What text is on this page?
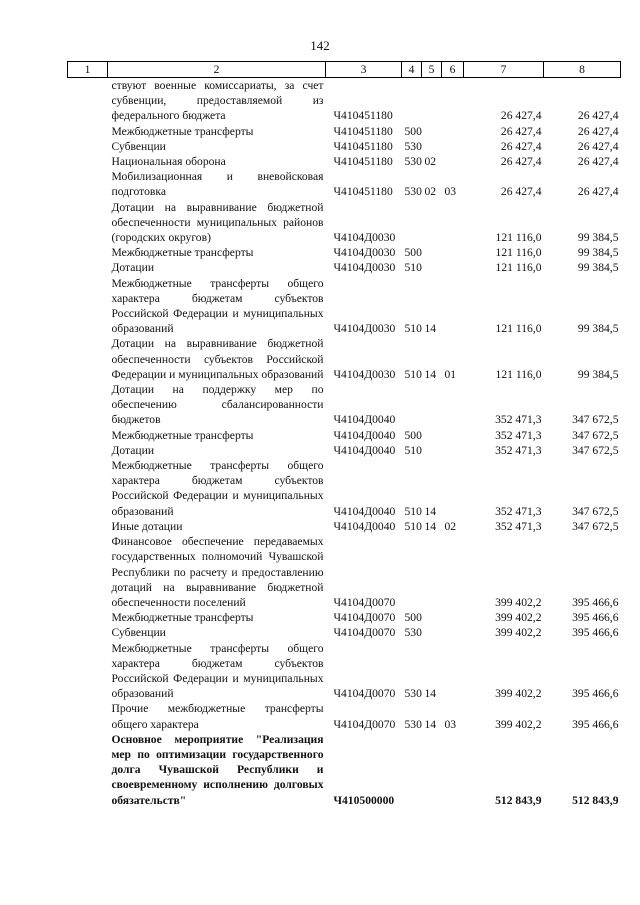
142
1	2	3	4	5	6	7	8
	ствуют военные комиссариаты, за счет субвенции, предоставляемой из федерального бюджета	Ч410451180				26 427,4	26 427,4
	Межбюджетные трансферты	Ч410451180	500			26 427,4	26 427,4
	Субвенции	Ч410451180	530			26 427,4	26 427,4
	Национальная оборона	Ч410451180	530	02		26 427,4	26 427,4
	Мобилизационная и вневойсковая подготовка	Ч410451180	530	02	03	26 427,4	26 427,4
	Дотации на выравнивание бюджетной обеспеченности муниципальных районов (городских округов)	Ч4104Д0030				121 116,0	99 384,5
	Межбюджетные трансферты	Ч4104Д0030	500			121 116,0	99 384,5
	Дотации	Ч4104Д0030	510			121 116,0	99 384,5
	Межбюджетные трансферты общего характера бюджетам субъектов Российской Федерации и муниципальных образований	Ч4104Д0030	510	14		121 116,0	99 384,5
	Дотации на выравнивание бюджетной обеспеченности субъектов Российской Федерации и муниципальных образований	Ч4104Д0030	510	14	01	121 116,0	99 384,5
	Дотации на поддержку мер по обеспечению сбалансированности бюджетов	Ч4104Д0040				352 471,3	347 672,5
	Межбюджетные трансферты	Ч4104Д0040	500			352 471,3	347 672,5
	Дотации	Ч4104Д0040	510			352 471,3	347 672,5
	Межбюджетные трансферты общего характера бюджетам субъектов Российской Федерации и муниципальных образований	Ч4104Д0040	510	14		352 471,3	347 672,5
	Иные дотации	Ч4104Д0040	510	14	02	352 471,3	347 672,5
	Финансовое обеспечение передаваемых государственных полномочий Чувашской Республики по расчету и предоставлению дотаций на выравнивание бюджетной обеспеченности поселений	Ч4104Д0070				399 402,2	395 466,6
	Межбюджетные трансферты	Ч4104Д0070	500			399 402,2	395 466,6
	Субвенции	Ч4104Д0070	530			399 402,2	395 466,6
	Межбюджетные трансферты общего характера бюджетам субъектов Российской Федерации и муниципальных образований	Ч4104Д0070	530	14		399 402,2	395 466,6
	Прочие межбюджетные трансферты общего характера	Ч4104Д0070	530	14	03	399 402,2	395 466,6
	Основное мероприятие "Реализация мер по оптимизации государственного долга Чувашской Республики и своевременному исполнению долговых обязательств"	Ч410500000				512 843,9	512 843,9
